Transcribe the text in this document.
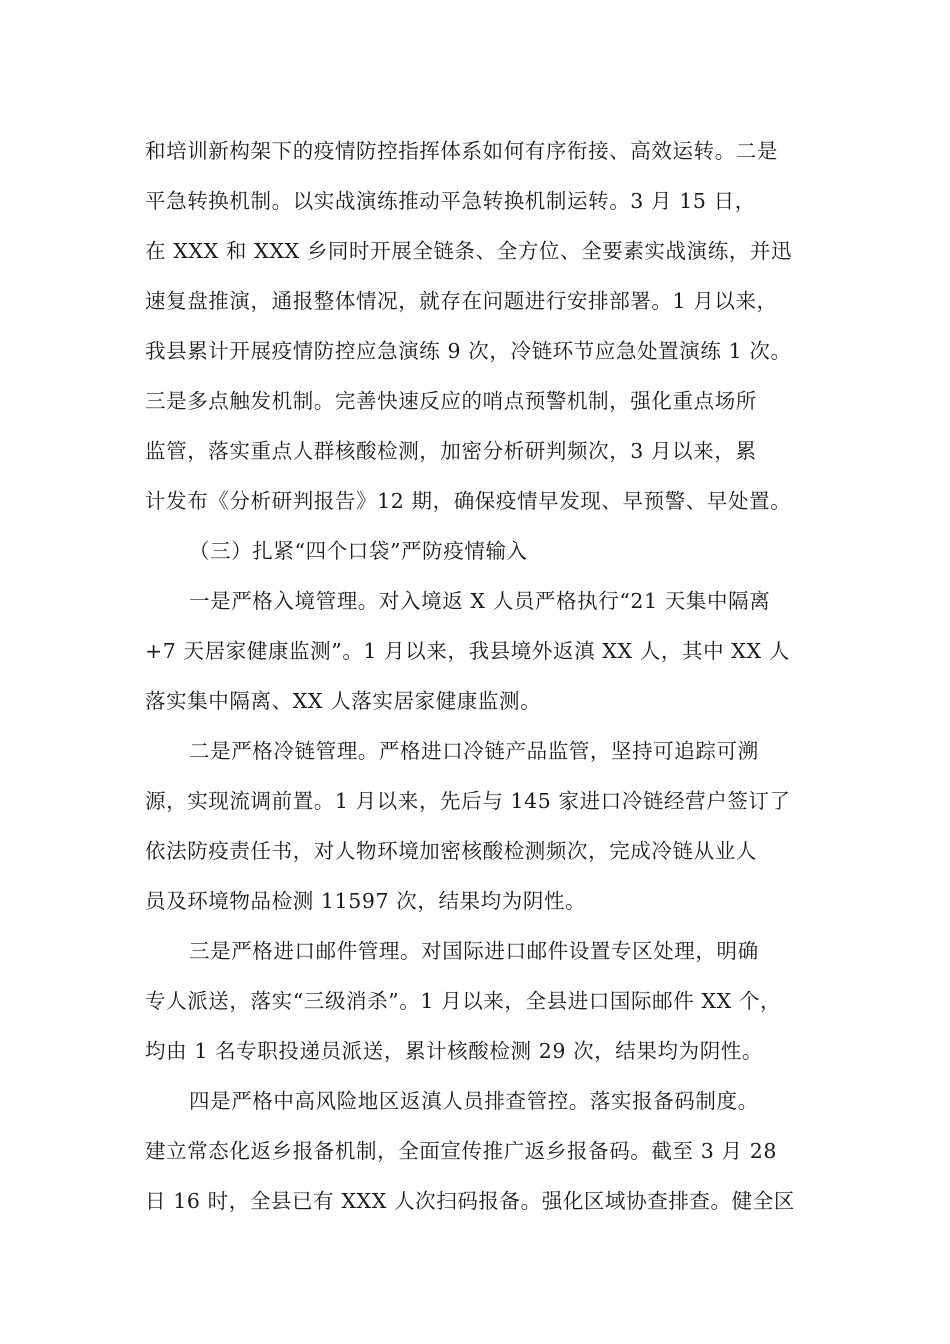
和培训新构架下的疫情防控指挥体系如何有序衔接、高效运转。二是
平急转换机制。以实战演练推动平急转换机制运转。3 月 15 日，
在 XXX 和 XXX 乡同时开展全链条、全方位、全要素实战演练，并迅
速复盘推演，通报整体情况，就存在问题进行安排部署。1 月以来，
我县累计开展疫情防控应急演练 9 次，冷链环节应急处置演练 1 次。
三是多点触发机制。完善快速反应的哨点预警机制，强化重点场所
监管，落实重点人群核酸检测，加密分析研判频次，3 月以来，累
计发布《分析研判报告》12 期，确保疫情早发现、早预警、早处置。
（三）扎紧“四个口袋”严防疫情输入
一是严格入境管理。对入境返 X 人员严格执行“21 天集中隔离
+7 天居家健康监测”。1 月以来，我县境外返滇 XX 人，其中 XX 人
落实集中隔离、XX 人落实居家健康监测。
二是严格冷链管理。严格进口冷链产品监管，坚持可追踪可溯
源，实现流调前置。1 月以来，先后与 145 家进口冷链经营户签订了
依法防疫责任书，对人物环境加密核酸检测频次，完成冷链从业人
员及环境物品检测 11597 次，结果均为阴性。
三是严格进口邮件管理。对国际进口邮件设置专区处理，明确
专人派送，落实“三级消杀”。1 月以来，全县进口国际邮件 XX 个，
均由 1 名专职投递员派送，累计核酸检测 29 次，结果均为阴性。
四是严格中高风险地区返滇人员排查管控。落实报备码制度。
建立常态化返乡报备机制，全面宣传推广返乡报备码。截至 3 月 28
日 16 时，全县已有 XXX 人次扫码报备。强化区域协查排查。健全区
